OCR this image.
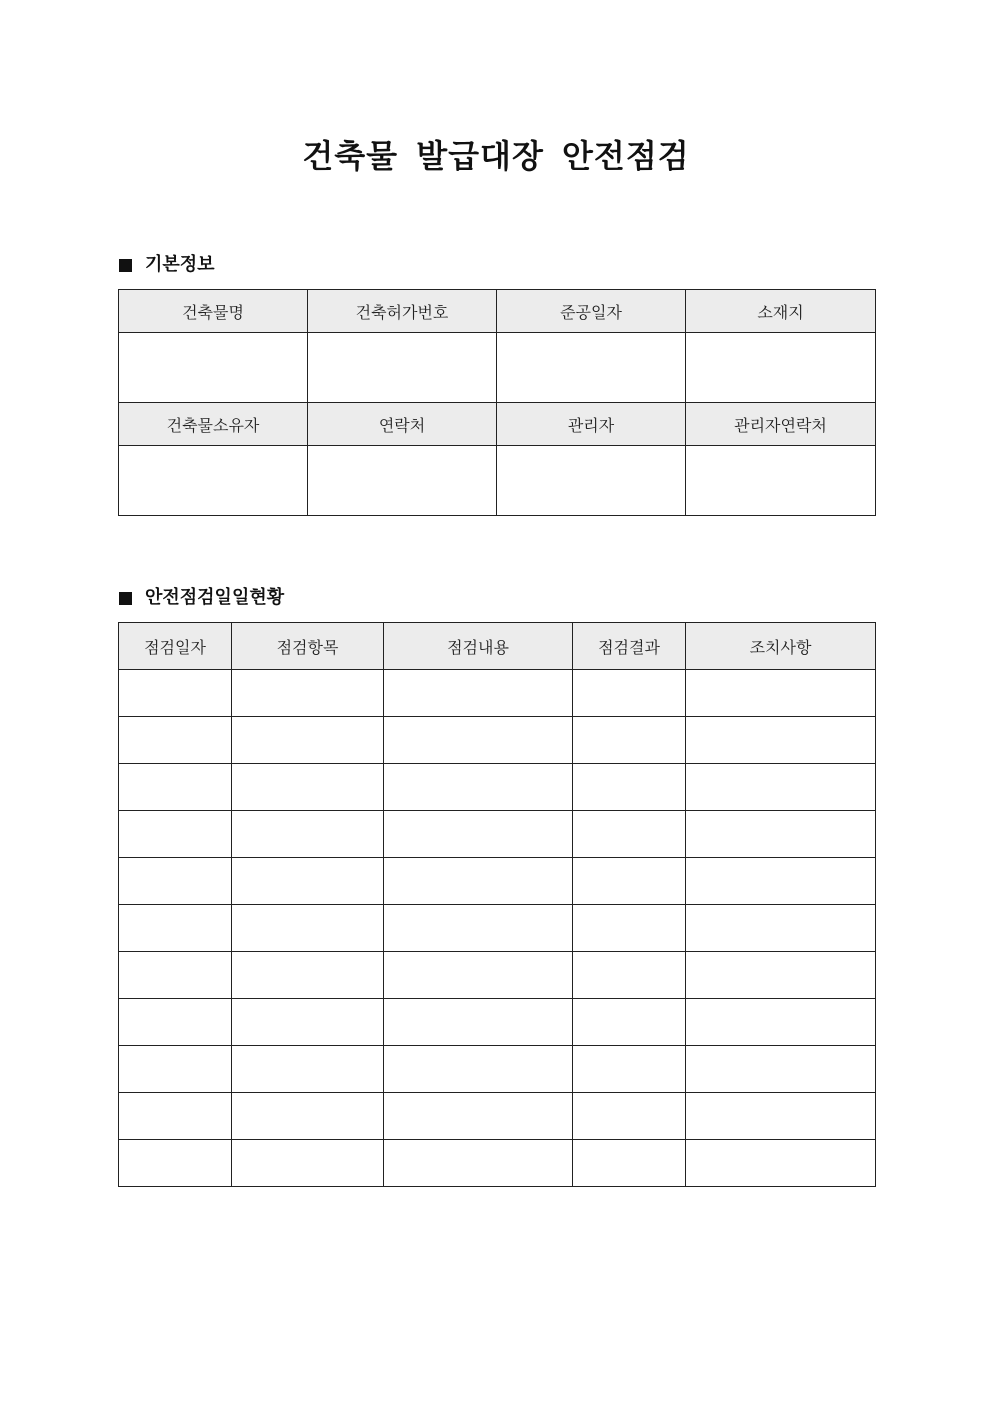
건축물 발급대장 안전점검
기본정보
건축물명	건축허가번호	준공일자	소재지

건축물소유자	연락처	관리자	관리자연락처

안전점검일일현황
점검일자	점검항목	점검내용	점검결과	조치사항
